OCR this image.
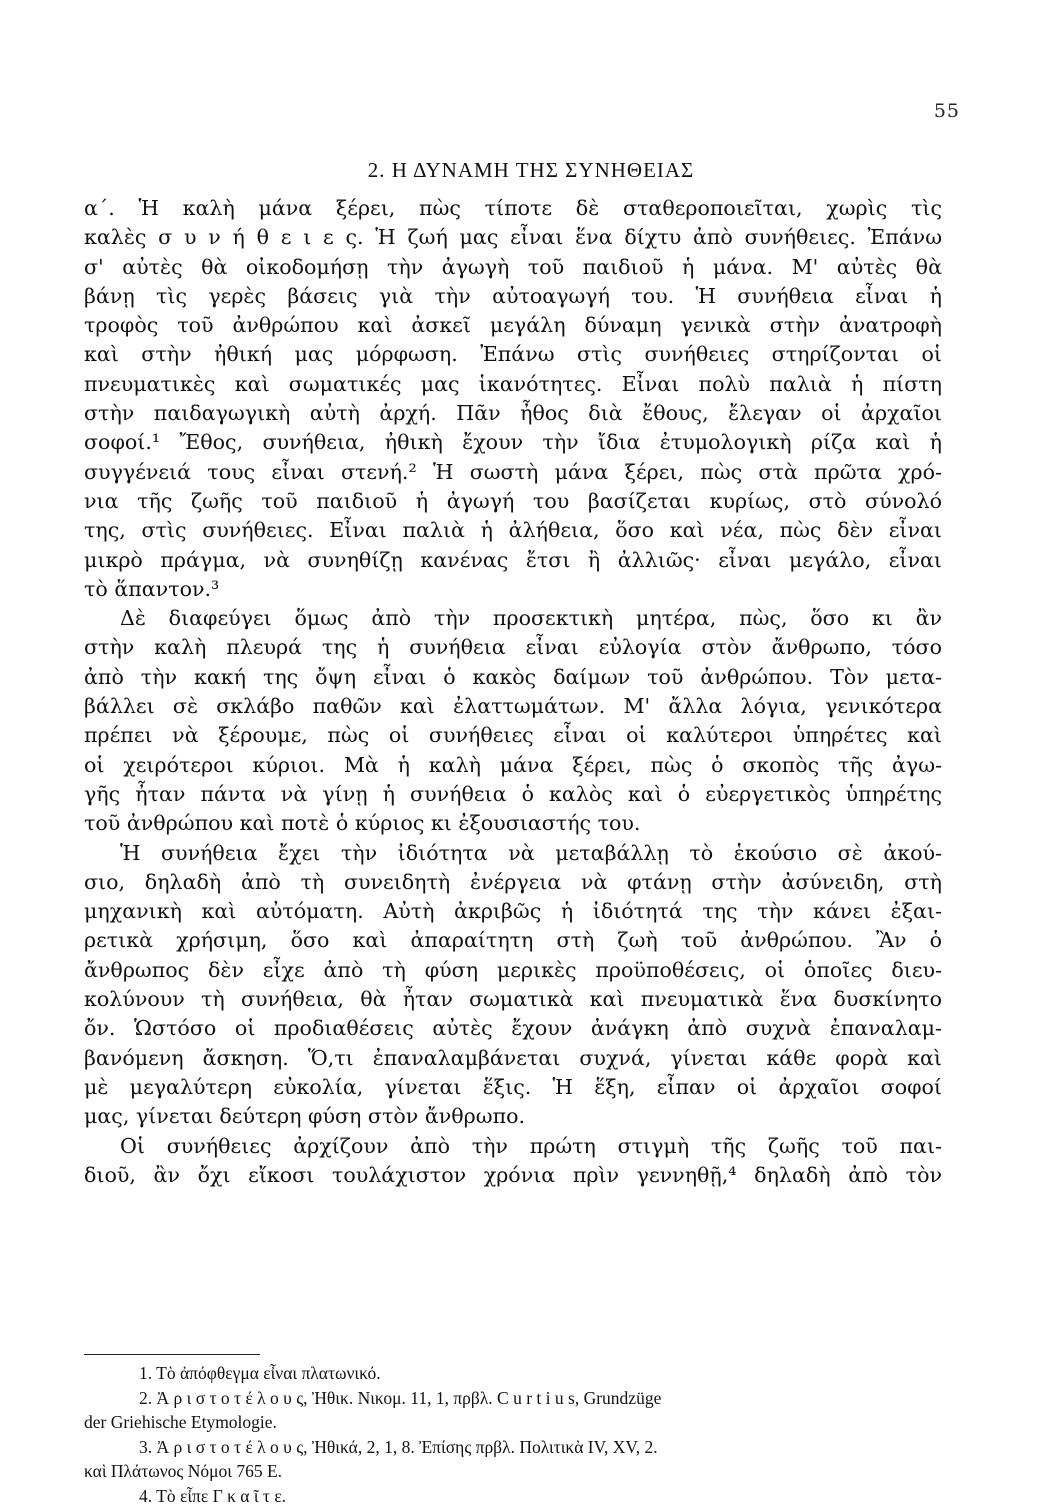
55
2. Η ΔΥΝΑΜΗ ΤΗΣ ΣΥΝΗΘΕΙΑΣ

α΄. Ἡ καλὴ μάνα ξέρει, πὼς τίποτε δὲ σταθεροποιεῖται, χωρὶς τὶς

καλὲς σ υ ν ή θ ε ι ε ς. Ἡ ζωή μας εἶναι ἕνα δίχτυ ἀπὸ συνήθειες. Ἐπάνω

σ' αὐτὲς θὰ οἰκοδομήσῃ τὴν ἀγωγὴ τοῦ παιδιοῦ ἡ μάνα. Μ' αὐτὲς θὰ

βάνῃ τὶς γερὲς βάσεις γιὰ τὴν αὐτοαγωγή του. Ἡ συνήθεια εἶναι ἡ

τροφὸς τοῦ ἀνθρώπου καὶ ἀσκεῖ μεγάλη δύναμη γενικὰ στὴν ἀνατροφὴ

καὶ στὴν ἠθική μας μόρφωση. Ἐπάνω στὶς συνήθειες στηρίζονται οἱ

πνευματικὲς καὶ σωματικές μας ἱκανότητες. Εἶναι πολὺ παλιὰ ἡ πίστη

στὴν παιδαγωγικὴ αὐτὴ ἀρχή. Πᾶν ἦθος διὰ ἔθους, ἔλεγαν οἱ ἀρχαῖοι

σοφοί.¹ Ἔθος, συνήθεια, ἠθικὴ ἔχουν τὴν ἴδια ἐτυμολογικὴ ρίζα καὶ ἡ

συγγένειά τους εἶναι στενή.² Ἡ σωστὴ μάνα ξέρει, πὼς στὰ πρῶτα χρό-

νια τῆς ζωῆς τοῦ παιδιοῦ ἡ ἀγωγή του βασίζεται κυρίως, στὸ σύνολό

της, στὶς συνήθειες. Εἶναι παλιὰ ἡ ἀλήθεια, ὅσο καὶ νέα, πὼς δὲν εἶναι

μικρὸ πράγμα, νὰ συνηθίζῃ κανένας ἔτσι ἢ ἀλλιῶς· εἶναι μεγάλο, εἶναι

τὸ ἅπαντον.³

Δὲ διαφεύγει ὅμως ἀπὸ τὴν προσεκτικὴ μητέρα, πὼς, ὅσο κι ἂν

στὴν καλὴ πλευρά της ἡ συνήθεια εἶναι εὐλογία στὸν ἄνθρωπο, τόσο

ἀπὸ τὴν κακή της ὄψη εἶναι ὁ κακὸς δαίμων τοῦ ἀνθρώπου. Τὸν μετα-

βάλλει σὲ σκλάβο παθῶν καὶ ἐλαττωμάτων. Μ' ἄλλα λόγια, γενικότερα

πρέπει νὰ ξέρουμε, πὼς οἱ συνήθειες εἶναι οἱ καλύτεροι ὑπηρέτες καὶ

οἱ χειρότεροι κύριοι. Μὰ ἡ καλὴ μάνα ξέρει, πὼς ὁ σκοπὸς τῆς ἀγω-

γῆς ἦταν πάντα νὰ γίνῃ ἡ συνήθεια ὁ καλὸς καὶ ὁ εὐεργετικὸς ὑπηρέτης

τοῦ ἀνθρώπου καὶ ποτὲ ὁ κύριος κι ἐξουσιαστής του.

Ἡ συνήθεια ἔχει τὴν ἰδιότητα νὰ μεταβάλλῃ τὸ ἑκούσιο σὲ ἀκού-

σιο, δηλαδὴ ἀπὸ τὴ συνειδητὴ ἐνέργεια νὰ φτάνῃ στὴν ἀσύνειδη, στὴ

μηχανικὴ καὶ αὐτόματη. Αὐτὴ ἀκριβῶς ἡ ἰδιότητά της τὴν κάνει ἐξαι-

ρετικὰ χρήσιμη, ὅσο καὶ ἀπαραίτητη στὴ ζωὴ τοῦ ἀνθρώπου. Ἂν ὁ

ἄνθρωπος δὲν εἶχε ἀπὸ τὴ φύση μερικὲς προϋποθέσεις, οἱ ὁποῖες διευ-

κολύνουν τὴ συνήθεια, θὰ ἦταν σωματικὰ καὶ πνευματικὰ ἕνα δυσκίνητο

ὄν. Ὡστόσο οἱ προδιαθέσεις αὐτὲς ἔχουν ἀνάγκη ἀπὸ συχνὰ ἐπαναλαμ-

βανόμενη ἄσκηση. Ὅ,τι ἐπαναλαμβάνεται συχνά, γίνεται κάθε φορὰ καὶ

μὲ μεγαλύτερη εὐκολία, γίνεται ἕξις. Ἡ ἕξη, εἶπαν οἱ ἀρχαῖοι σοφοί

μας, γίνεται δεύτερη φύση στὸν ἄνθρωπο.

Οἱ συνήθειες ἀρχίζουν ἀπὸ τὴν πρώτη στιγμὴ τῆς ζωῆς τοῦ παι-

διοῦ, ἂν ὄχι εἴκοσι τουλάχιστον χρόνια πρὶν γεννηθῇ,⁴ δηλαδὴ ἀπὸ τὸν

1. Τὸ ἀπόφθεγμα εἶναι πλατωνικό.

2. Ἀ ρ ι σ τ ο τ έ λ ο υ ς, Ἠθικ. Νικομ. 11, 1, πρβλ. C u r t i u s, Grundzüge

der Griehische Etymologie.

3. Ἀ ρ ι σ τ ο τ έ λ ο υ ς, Ἠθικά, 2, 1, 8. Ἐπίσης πρβλ. Πολιτικὰ IV, XV, 2.

καὶ Πλάτωνος Νόμοι 765 Ε.

4. Τὸ εἶπε Γ κ α ῖ τ ε.
